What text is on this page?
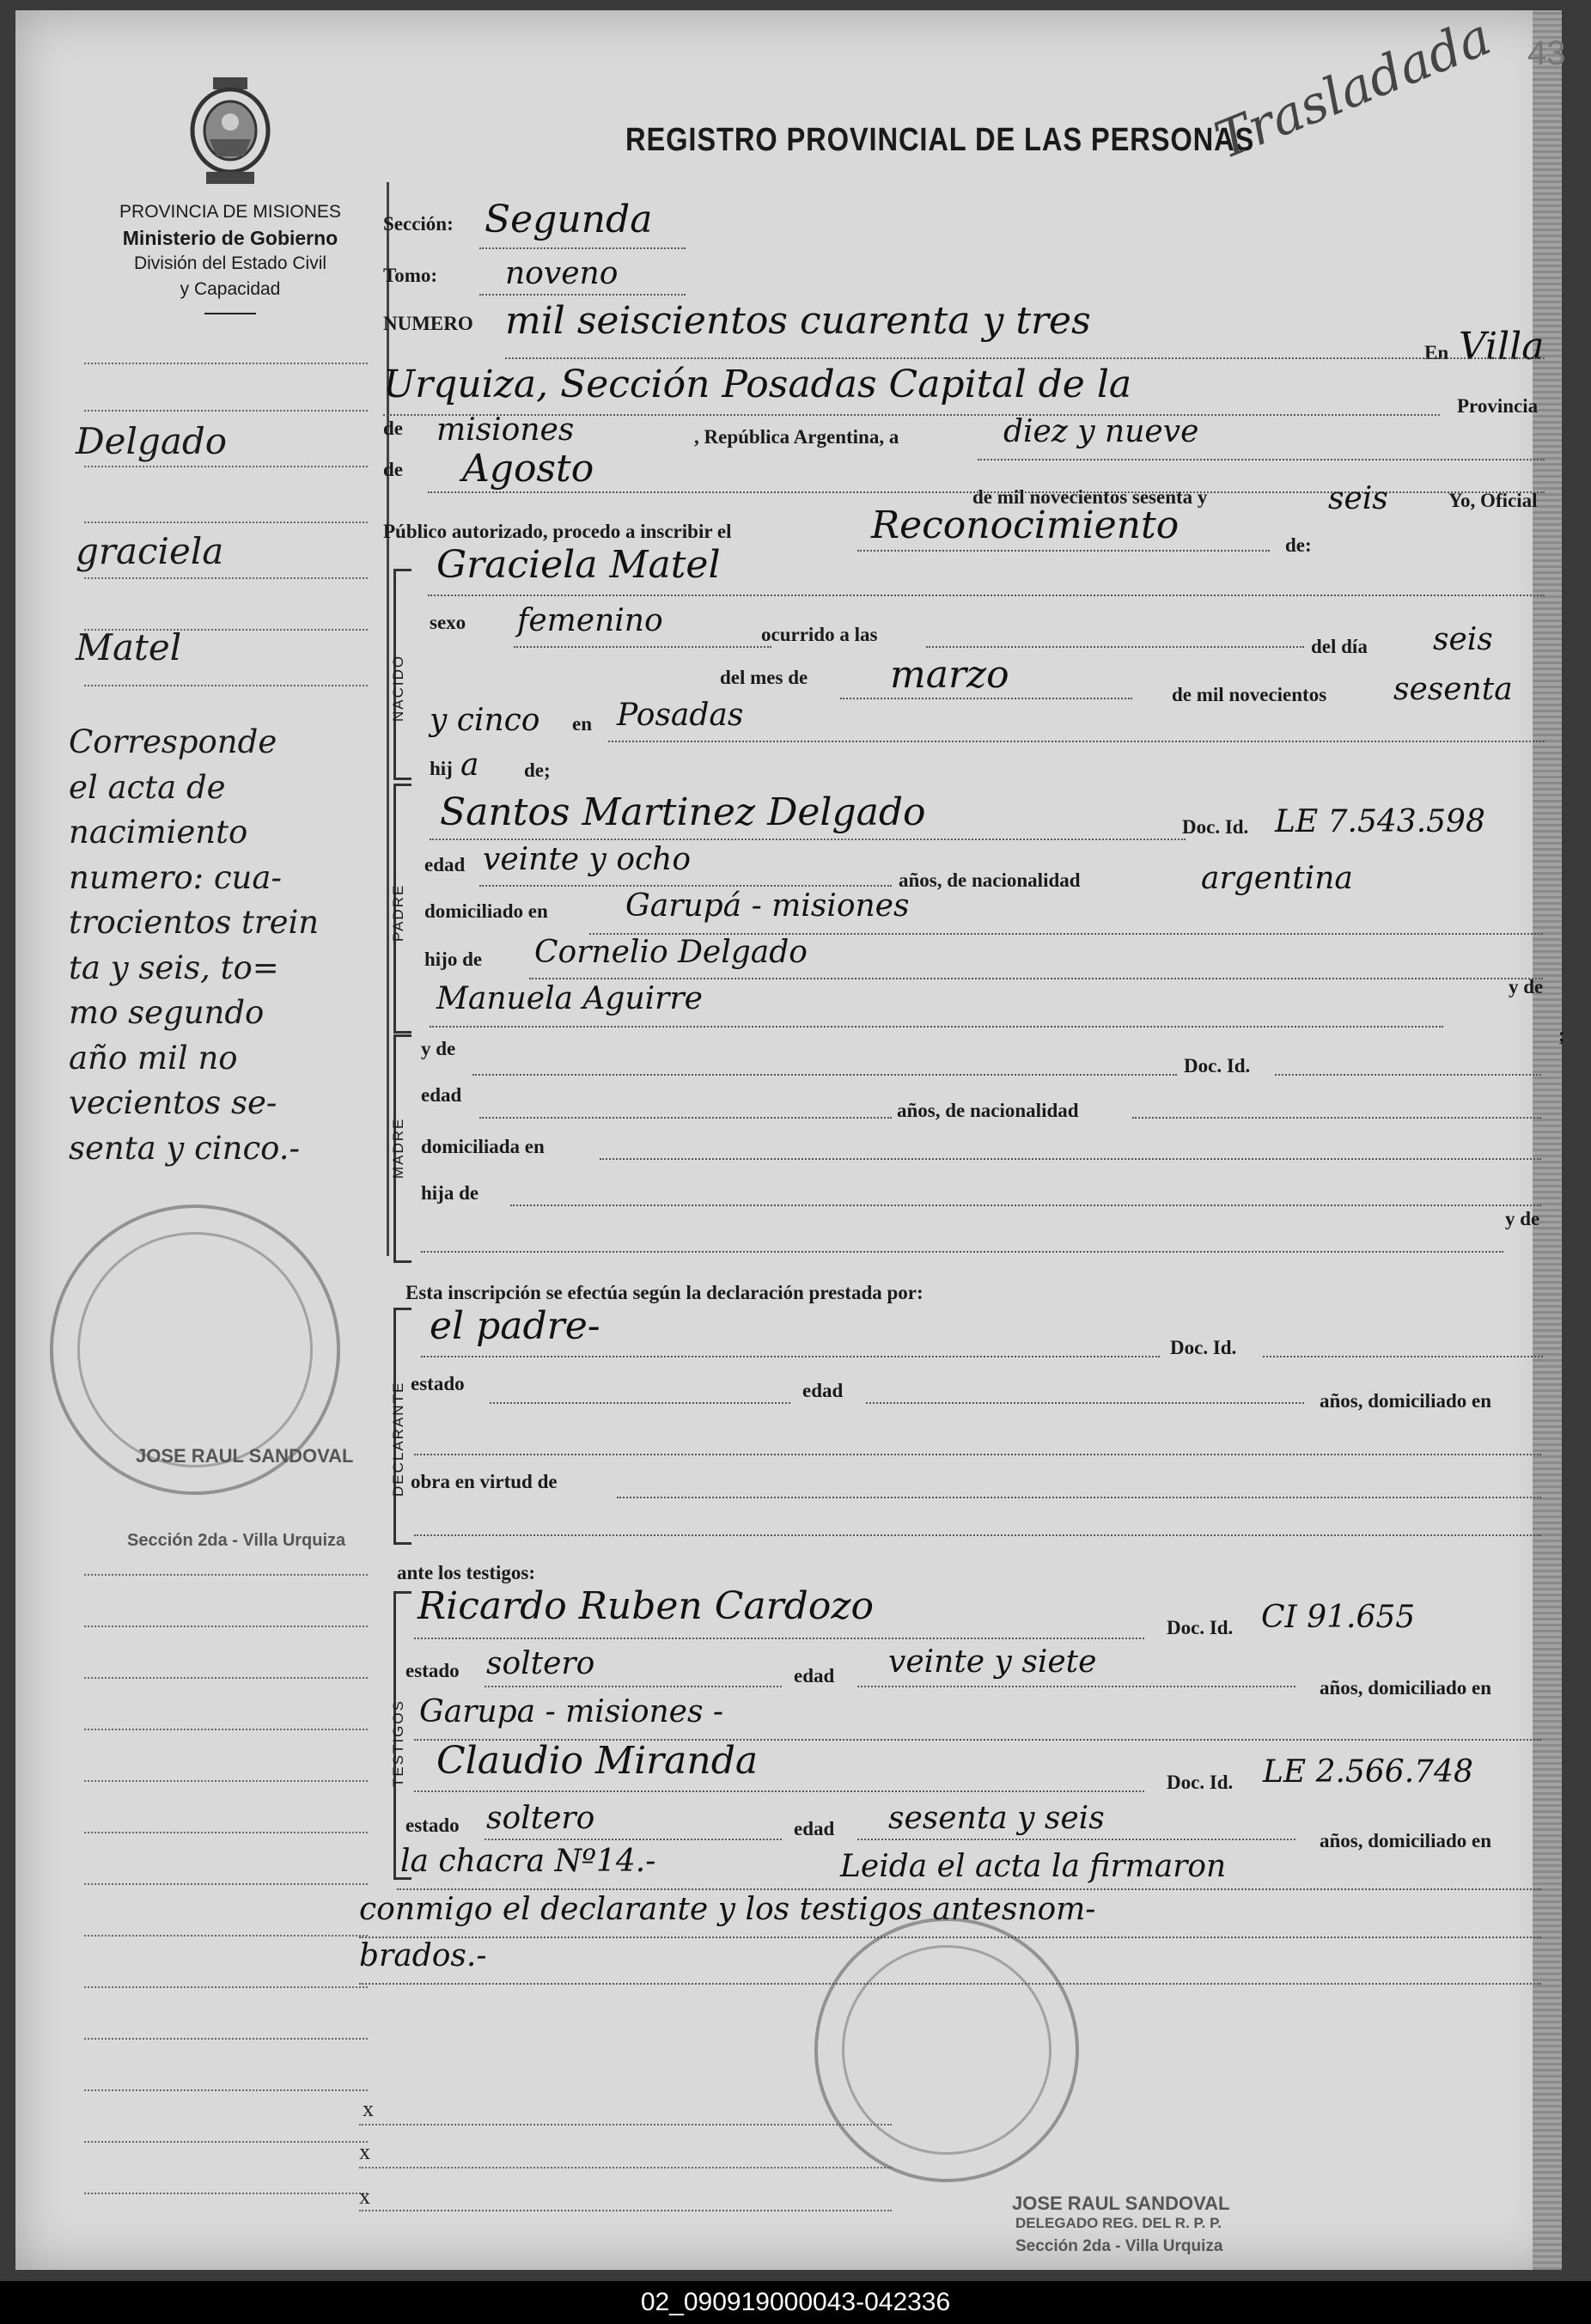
43
PROVINCIA DE MISIONES
Ministerio de Gobierno
División del Estado Civil
y Capacidad
REGISTRO PROVINCIAL DE LAS PERSONAS
Trasladada
Delgado
graciela
Matel
Corresponde
el acta de
nacimiento
numero: cua-
trocientos trein
ta y seis, to=
mo segundo
año mil no
vecientos se-
senta y cinco.-
JOSE RAUL SANDOVAL
Sección 2da - Villa Urquiza
Sección: Segunda
Tomo: noveno
NUMERO mil seiscientos cuarenta y tres
En Villa
Urquiza, Sección Posadas Capital de la	Provincia
de misiones	, República Argentina, a	diez y nueve
de Agosto
de mil novecientos sesenta y	seis	Yo, Oficial
Público autorizado, procedo a inscribir el	Reconocimiento	de:
NACIDO
Graciela Matel
sexo femenino	ocurrido a las
del día seis
del mes de marzo	de mil novecientos sesenta
y cinco en Posadas
hij a de;
PADRE
Santos Martinez Delgado	Doc. Id. LE 7.543.598
edad veinte y ocho
años, de nacionalidad	argentina
domiciliado en	Garupá - misiones
hijo de Cornelio Delgado
Manuela Aguirre	y de
MADRE
y de
;
Doc. Id.
edad
años, de nacionalidad
domiciliada en
hija de
y de
Esta inscripción se efectúa según la declaración prestada por:
DECLARANTE
el padre-	Doc. Id.
estado	edad	años, domiciliado en
obra en virtud de
ante los testigos:
TESTIGOS
Ricardo Ruben Cardozo	Doc. Id. CI 91.655
estado soltero	edad veinte y siete
años, domiciliado en
Garupa - misiones -
Claudio Miranda	Doc. Id. LE 2.566.748
estado soltero	edad sesenta y seis
años, domiciliado en
la chacra Nº14.-	Leida el acta la firmaron
conmigo el declarante y los testigos antesnom-
brados.-
JOSE RAUL SANDOVAL
DELEGADO REG. DEL R. P. P.
Sección 2da - Villa Urquiza
x
x
x
02_090919000043-042336
